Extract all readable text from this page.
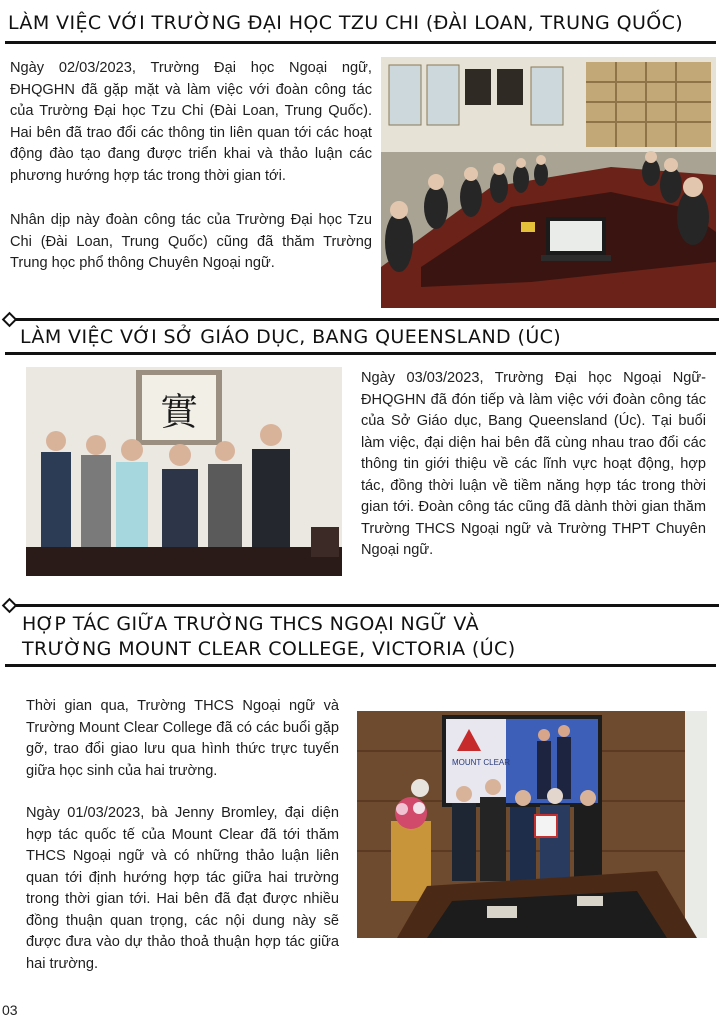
LÀM VIỆC VỚI TRƯỜNG ĐẠI HỌC TZU CHI (ĐÀI LOAN, TRUNG QUỐC)

Ngày 02/03/2023, Trường Đại học Ngoại ngữ, ĐHQGHN đã gặp mặt và làm việc với đoàn công tác của Trường Đại học Tzu Chi (Đài Loan, Trung Quốc). Hai bên đã trao đổi các thông tin liên quan tới các hoạt động đào tạo đang được triển khai và thảo luận các phương hướng hợp tác trong thời gian tới.

Nhân dịp này đoàn công tác của Trường Đại học Tzu Chi (Đài Loan, Trung Quốc) cũng đã thăm Trường Trung học phổ thông Chuyên Ngoại ngữ.

LÀM VIỆC VỚI SỞ GIÁO DỤC, BANG QUEENSLAND (ÚC)
實

Ngày 03/03/2023, Trường Đại học Ngoại Ngữ-ĐHQGHN đã đón tiếp và làm việc với đoàn công tác của Sở Giáo dục, Bang Queensland (Úc). Tại buổi làm việc, đại diện hai bên đã cùng nhau trao đổi các thông tin giới thiệu về các lĩnh vực hoạt động, hợp tác, đồng thời luận về tiềm năng hợp tác trong thời gian tới. Đoàn công tác cũng đã dành thời gian thăm Trường THCS Ngoại ngữ và Trường THPT Chuyên Ngoại ngữ.

HỢP TÁC GIỮA TRƯỜNG THCS NGOẠI NGỮ VÀ
TRƯỜNG MOUNT CLEAR COLLEGE, VICTORIA (ÚC)

Thời gian qua, Trường THCS Ngoại ngữ và Trường Mount Clear College đã có các buổi gặp gỡ, trao đổi giao lưu qua hình thức trực tuyến giữa học sinh của hai trường.

Ngày 01/03/2023, bà Jenny Bromley, đại diện hợp tác quốc tế của Mount Clear đã tới thăm THCS Ngoại ngữ và có những thảo luận liên quan tới định hướng hợp tác giữa hai trường trong thời gian tới. Hai bên đã đạt được nhiều đồng thuận quan trọng, các nội dung này sẽ được đưa vào dự thảo thoả thuận hợp tác giữa hai trường.

MOUNT CLEAR
03
